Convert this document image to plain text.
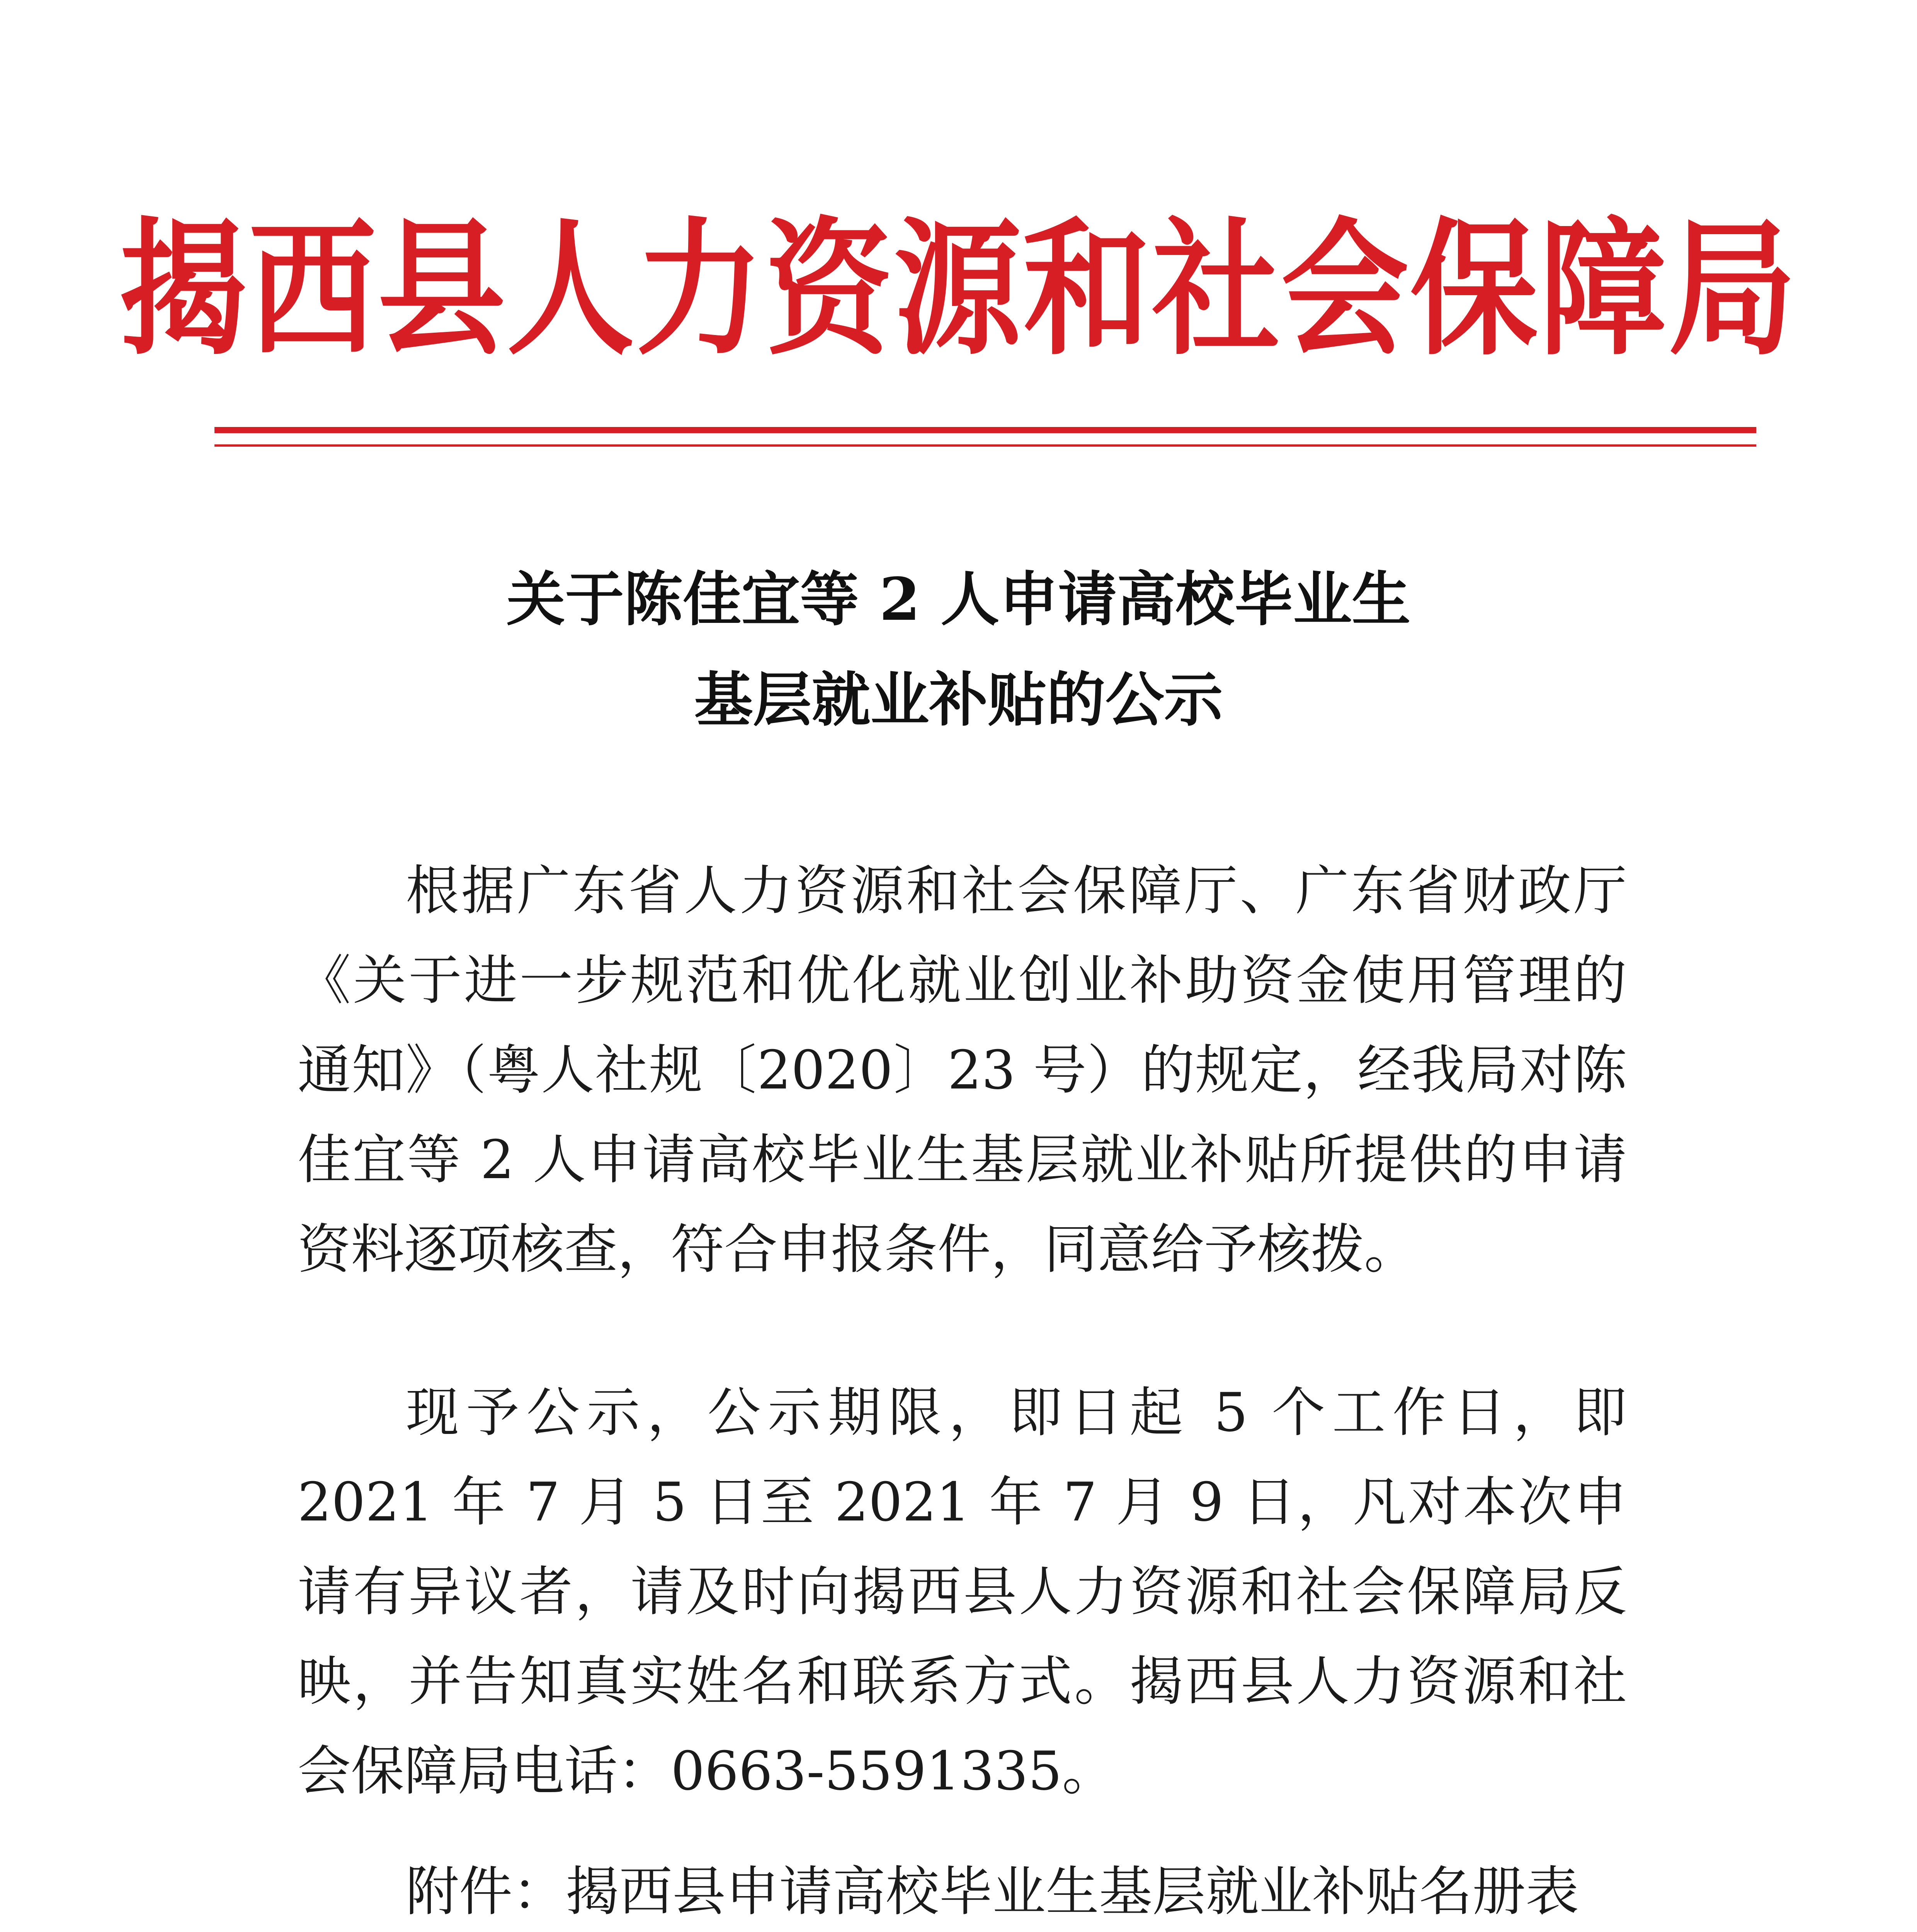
揭西县人力资源和社会保障局
关于陈佳宜等 2 人申请高校毕业生
基层就业补贴的公示

根据广东省人力资源和社会保障厅、广东省财政厅《关于进一步规范和优化就业创业补助资金使用管理的通知》（粤人社规〔2020〕23 号）的规定，经我局对陈佳宜等 2 人申请高校毕业生基层就业补贴所提供的申请资料逐项核查，符合申报条件，同意给予核拨。

现予公示，公示期限，即日起 5 个工作日，即 2021 年 7 月 5 日至 2021 年 7 月 9 日，凡对本次申请有异议者，请及时向揭西县人力资源和社会保障局反映，并告知真实姓名和联系方式。揭西县人力资源和社会保障局电话：0663-5591335。

附件：揭西县申请高校毕业生基层就业补贴名册表
